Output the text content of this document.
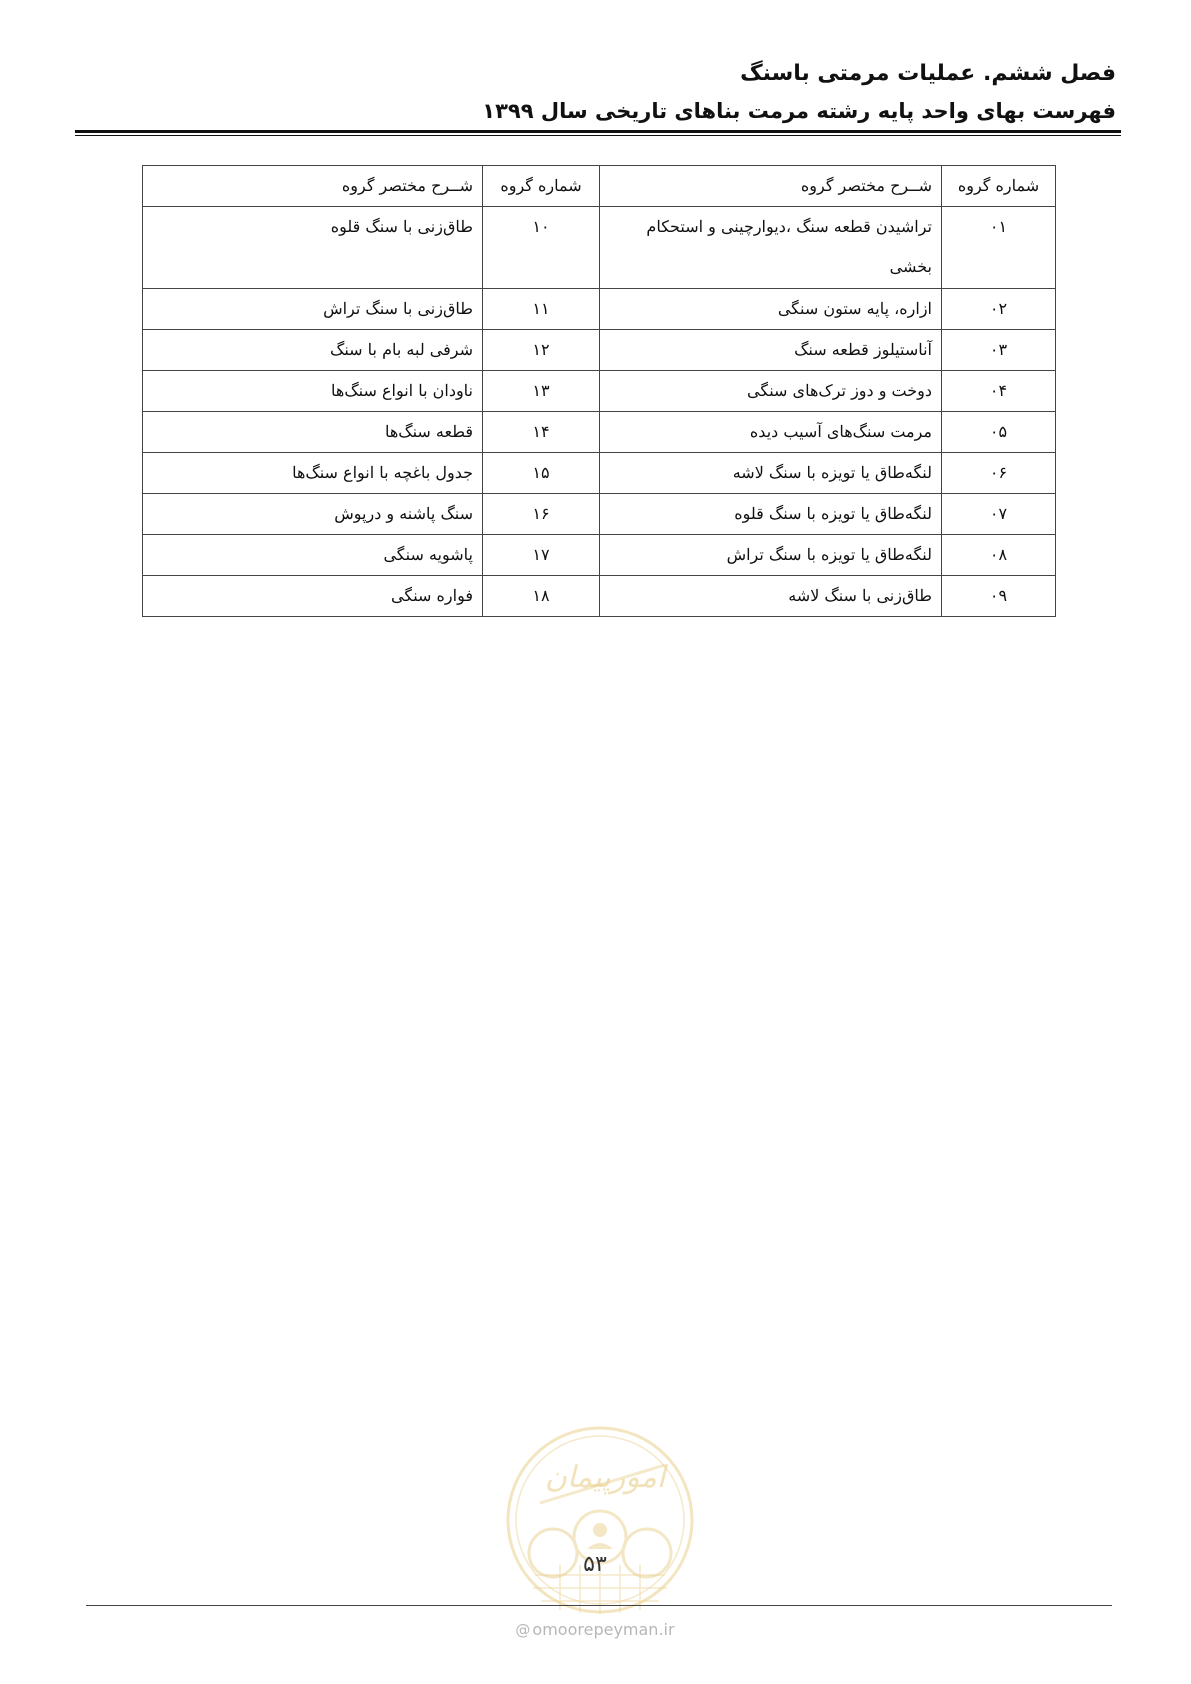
فصل ششم. عملیات مرمتی باسنگ
فهرست بهای واحد پایه رشته مرمت بناهای تاریخی سال ۱۳۹۹
شماره گروه	شــرح مختصر گروه	شماره گروه	شــرح مختصر گروه
۰۱	تراشیدن قطعه سنگ ،دیوارچینی و استحکام بخشی	۱۰	طاق‌زنی با سنگ قلوه
۰۲	ازاره، پایه ستون سنگی	۱۱	طاق‌زنی با سنگ تراش
۰۳	آناستیلوز قطعه سنگ	۱۲	شرفی لبه بام با سنگ
۰۴	دوخت و دوز ترک‌های سنگی	۱۳	ناودان با انواع سنگ‌ها
۰۵	مرمت سنگ‌های آسیب دیده	۱۴	قطعه سنگ‌ها
۰۶	لنگه‌طاق یا تویزه با سنگ لاشه	۱۵	جدول باغچه با انواع سنگ‌ها
۰۷	لنگه‌طاق یا تویزه با سنگ قلوه	۱۶	سنگ پاشنه و درپوش
۰۸	لنگه‌طاق یا تویزه با سنگ تراش	۱۷	پاشویه سنگی
۰۹	طاق‌زنی با سنگ لاشه	۱۸	فواره سنگی
امورپیمان
۵۳
@ omoorepeyman.ir
